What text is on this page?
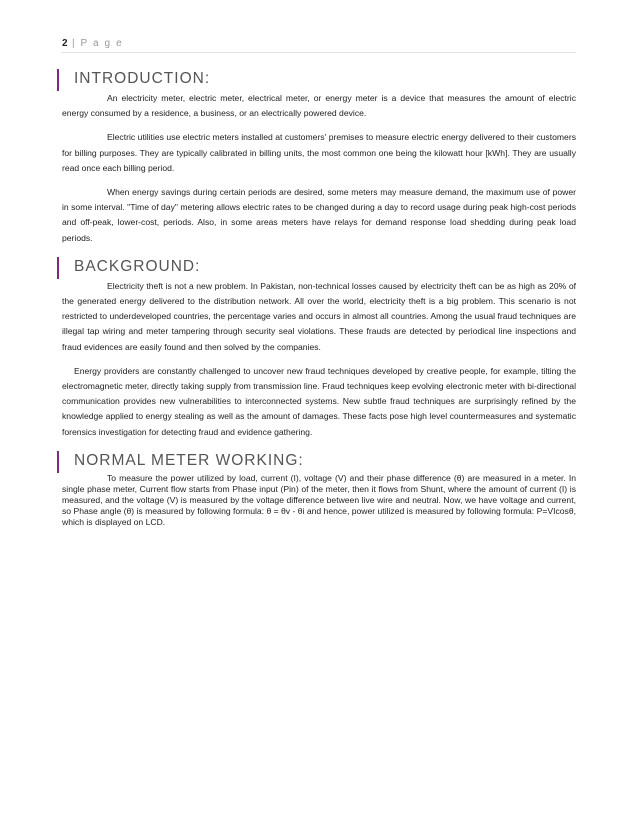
2 | P a g e
INTRODUCTION:

An electricity meter, electric meter, electrical meter, or energy meter is a device that measures the amount of electric energy consumed by a residence, a business, or an electrically powered device.

Electric utilities use electric meters installed at customers' premises to measure electric energy delivered to their customers for billing purposes. They are typically calibrated in billing units, the most common one being the kilowatt hour [kWh]. They are usually read once each billing period.

When energy savings during certain periods are desired, some meters may measure demand, the maximum use of power in some interval. "Time of day" metering allows electric rates to be changed during a day to record usage during peak high-cost periods and off-peak, lower-cost, periods. Also, in some areas meters have relays for demand response load shedding during peak load periods.

BACKGROUND:

Electricity theft is not a new problem. In Pakistan, non-technical losses caused by electricity theft can be as high as 20% of the generated energy delivered to the distribution network. All over the world, electricity theft is a big problem. This scenario is not restricted to underdeveloped countries, the percentage varies and occurs in almost all countries. Among the usual fraud techniques are illegal tap wiring and meter tampering through security seal violations. These frauds are detected by periodical line inspections and fraud evidences are easily found and then solved by the companies.

Energy providers are constantly challenged to uncover new fraud techniques developed by creative people, for example, tilting the electromagnetic meter, directly taking supply from transmission line. Fraud techniques keep evolving electronic meter with bi-directional communication provides new vulnerabilities to interconnected systems. New subtle fraud techniques are surprisingly refined by the knowledge applied to energy stealing as well as the amount of damages. These facts pose high level countermeasures and systematic forensics investigation for detecting fraud and evidence gathering.

NORMAL METER WORKING:

To measure the power utilized by load, current (I), voltage (V) and their phase difference (θ) are measured in a meter. In single phase meter, Current flow starts from Phase input (Pin) of the meter, then it flows from Shunt, where the amount of current (I) is measured, and the voltage (V) is measured by the voltage difference between live wire and neutral. Now, we have voltage and current, so Phase angle (θ) is measured by following formula: θ = θv - θi and hence, power utilized is measured by following formula: P=VIcosθ, which is displayed on LCD.
